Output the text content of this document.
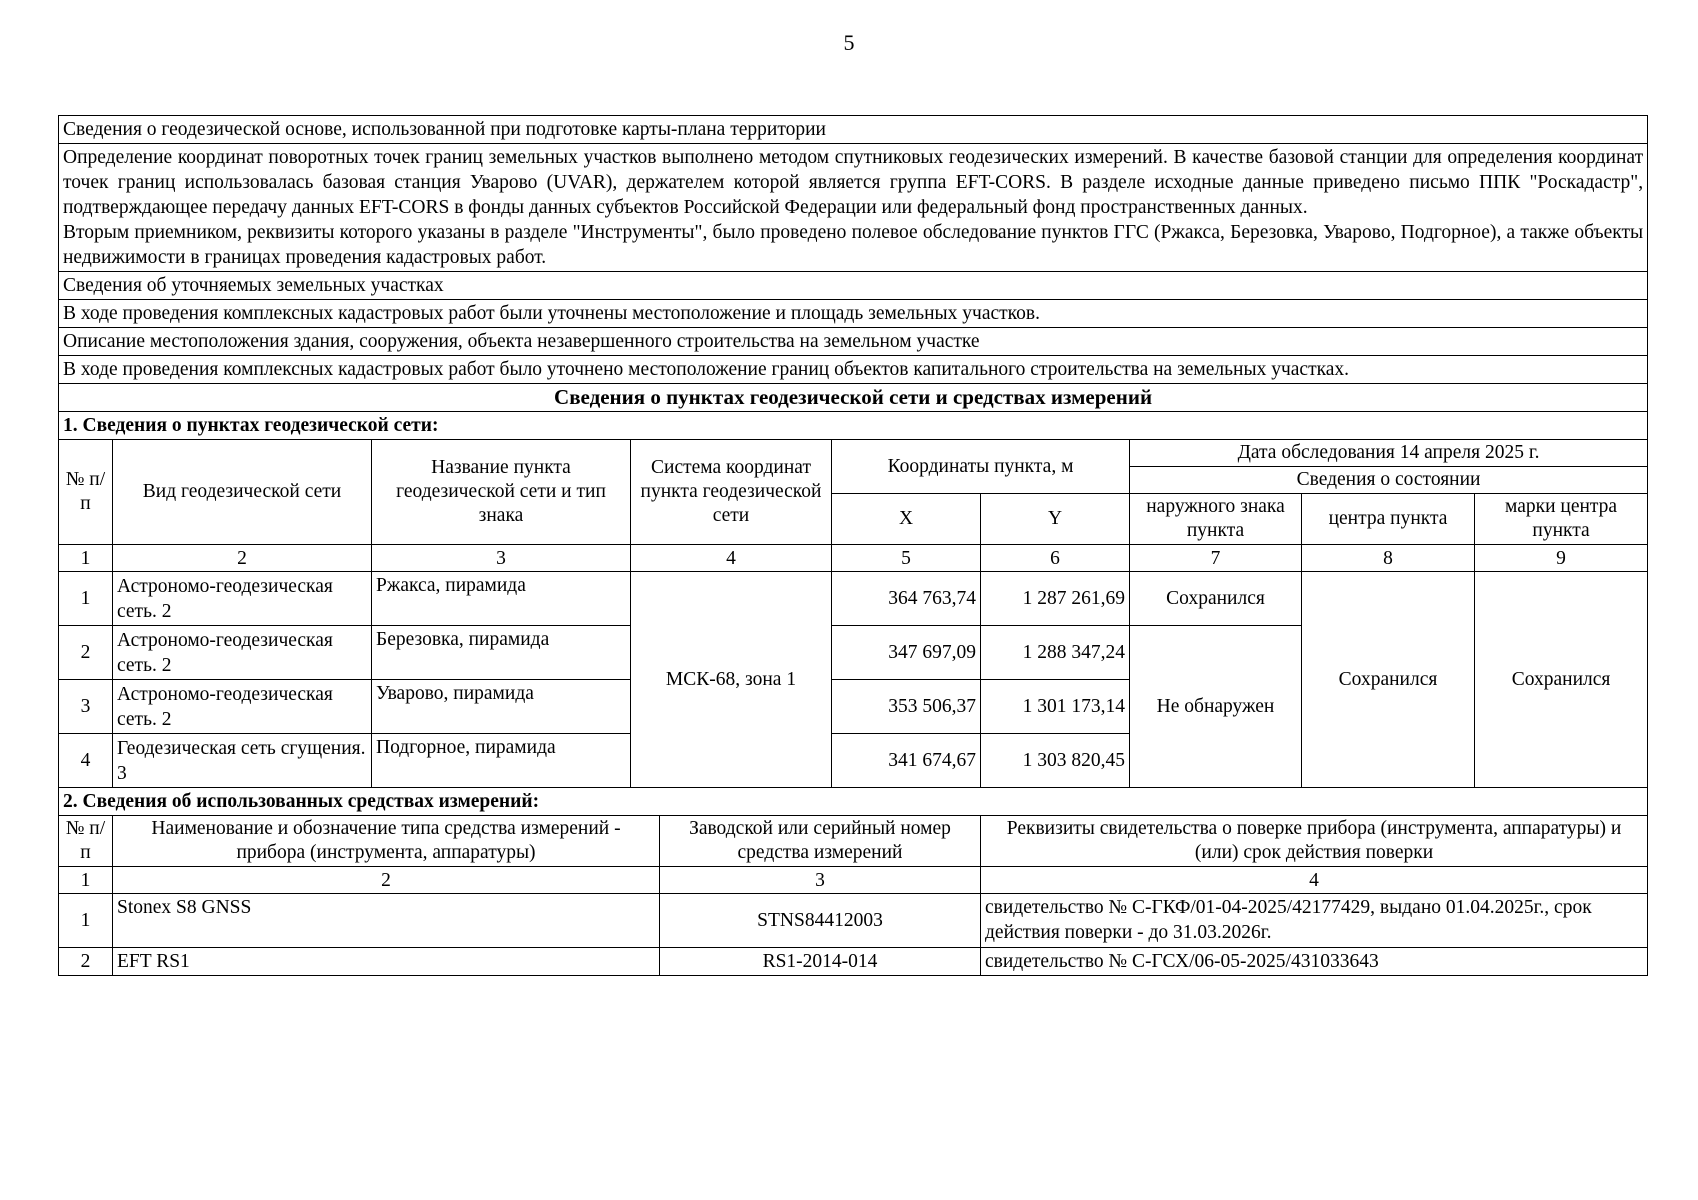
5
Сведения о геодезической основе, использованной при подготовке карты-плана территории									

Определение координат поворотных точек границ земельных участков выполнено методом спутниковых геодезических измерений. В качестве базовой станции для определения координат точек границ использовалась базовая станция Уварово (UVAR), держателем которой является группа EFT-CORS. В разделе исходные данные приведено письмо ППК "Роскадастр", подтверждающее передачу данных EFT-CORS в фонды данных субъектов Российской Федерации или федеральный фонд пространственных данных.
Вторым приемником, реквизиты которого указаны в разделе "Инструменты", было проведено полевое обследование пунктов ГГС (Ржакса, Березовка, Уварово, Подгорное), а также объекты недвижимости в границах проведения кадастровых работ.									

Сведения об уточняемых земельных участках									
В ходе проведения комплексных кадастровых работ были уточнены местоположение и площадь земельных участков.									
Описание местоположения здания, сооружения, объекта незавершенного строительства на земельном участке									
В ходе проведения комплексных кадастровых работ было уточнено местоположение границ объектов капитального строительства на земельных участках.									
Сведения о пунктах геодезической сети и средствах измерений									
1. Сведения о пунктах геодезической сети:									
№ п/п	Вид геодезической сети	Название пункта геодезической сети и тип знака	Система координат пункта геодезической сети		Координаты пункта, м		Дата обследования 14 апреля 2025 г.		
							Сведения о состоянии		
					X	Y	наружного знака пункта	центра пункта	марки центра пункта
1	2	3	4		5	6	7	8	9
1	Астрономо-геодезическая сеть. 2	Ржакса, пирамида	МСК-68, зона 1		364 763,74	1 287 261,69	Сохранился	Сохранился	Сохранился
2	Астрономо-геодезическая сеть. 2	Березовка, пирамида			347 697,09	1 288 347,24	Не обнаружен		
3	Астрономо-геодезическая сеть. 2	Уварово, пирамида			353 506,37	1 301 173,14			
4	Геодезическая сеть сгущения. 3	Подгорное, пирамида			341 674,67	1 303 820,45			
2. Сведения об использованных средствах измерений:									
№ п/п	Наименование и обозначение типа средства измерений - прибора (инструмента, аппаратуры)			Заводской или серийный номер средства измерений		Реквизиты свидетельства о поверке прибора (инструмента, аппаратуры) и (или) срок действия поверки			
1	2			3		4			
1	Stonex S8 GNSS			STNS84412003		свидетельство № С-ГКФ/01-04-2025/42177429, выдано 01.04.2025г., срок действия поверки - до 31.03.2026г.			
2	EFT RS1			RS1-2014-014		свидетельство № С-ГСХ/06-05-2025/431033643			
